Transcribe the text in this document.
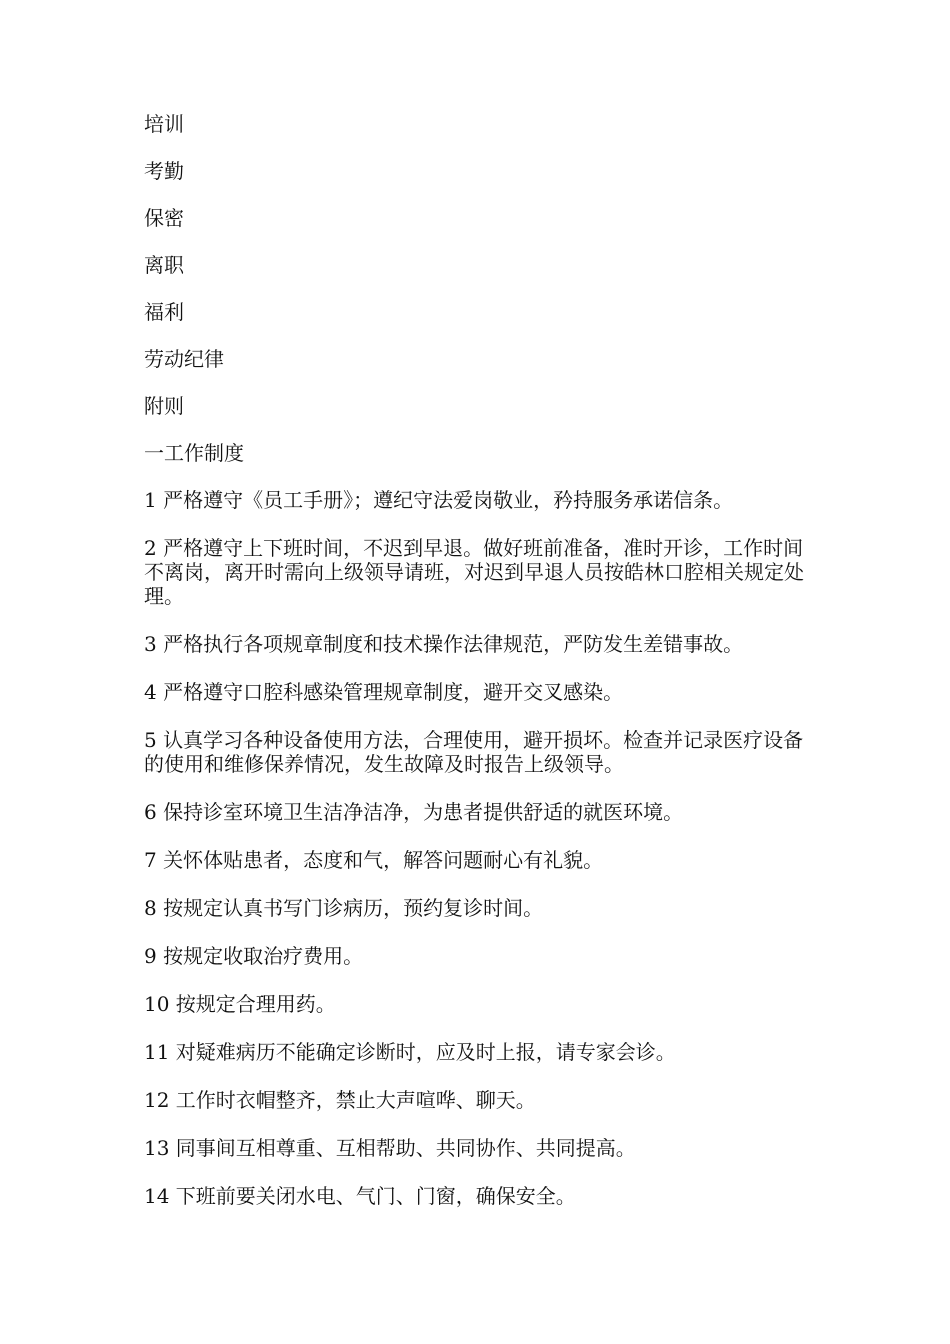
培训
考勤
保密
离职
福利
劳动纪律
附则
一工作制度
1 严格遵守《员工手册》；遵纪守法爱岗敬业，矜持服务承诺信条。
2 严格遵守上下班时间，不迟到早退。做好班前准备，准时开诊，工作时间不离岗，离开时需向上级领导请班，对迟到早退人员按皓林口腔相关规定处理。
3 严格执行各项规章制度和技术操作法律规范，严防发生差错事故。
4 严格遵守口腔科感染管理规章制度，避开交叉感染。
5 认真学习各种设备使用方法，合理使用，避开损坏。检查并记录医疗设备的使用和维修保养情况，发生故障及时报告上级领导。
6 保持诊室环境卫生洁净洁净，为患者提供舒适的就医环境。
7 关怀体贴患者，态度和气，解答问题耐心有礼貌。
8 按规定认真书写门诊病历，预约复诊时间。
9 按规定收取治疗费用。
10 按规定合理用药。
11 对疑难病历不能确定诊断时，应及时上报，请专家会诊。
12 工作时衣帽整齐，禁止大声喧哗、聊天。
13 同事间互相尊重、互相帮助、共同协作、共同提高。
14 下班前要关闭水电、气门、门窗，确保安全。
